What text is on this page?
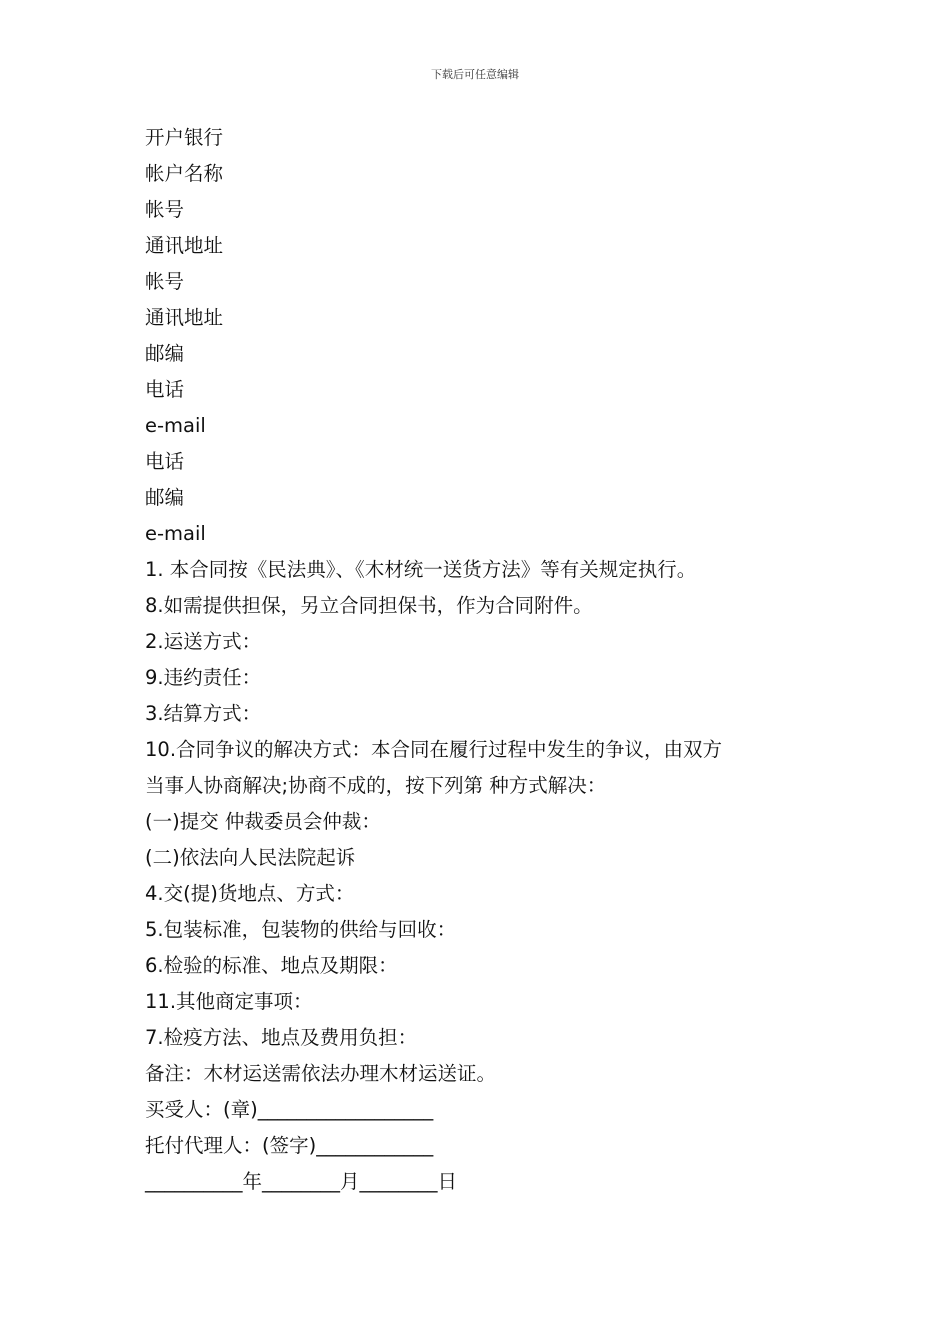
下载后可任意编辑
开户银行
帐户名称
帐号
通讯地址
帐号
通讯地址
邮编
电话
e-mail
电话
邮编
e-mail
1. 本合同按《民法典》、《木材统一送货方法》等有关规定执行。
8.如需提供担保，另立合同担保书，作为合同附件。
2.运送方式：
9.违约责任：
3.结算方式：
10.合同争议的解决方式：本合同在履行过程中发生的争议，由双方
当事人协商解决;协商不成的，按下列第 种方式解决：
(一)提交 仲裁委员会仲裁：
(二)依法向人民法院起诉
4.交(提)货地点、方式：
5.包装标准，包装物的供给与回收：
6.检验的标准、地点及期限：
11.其他商定事项：
7.检疫方法、地点及费用负担：
备注：木材运送需依法办理木材运送证。
买受人：(章)__________________
托付代理人：(签字)____________
__________年________月________日
